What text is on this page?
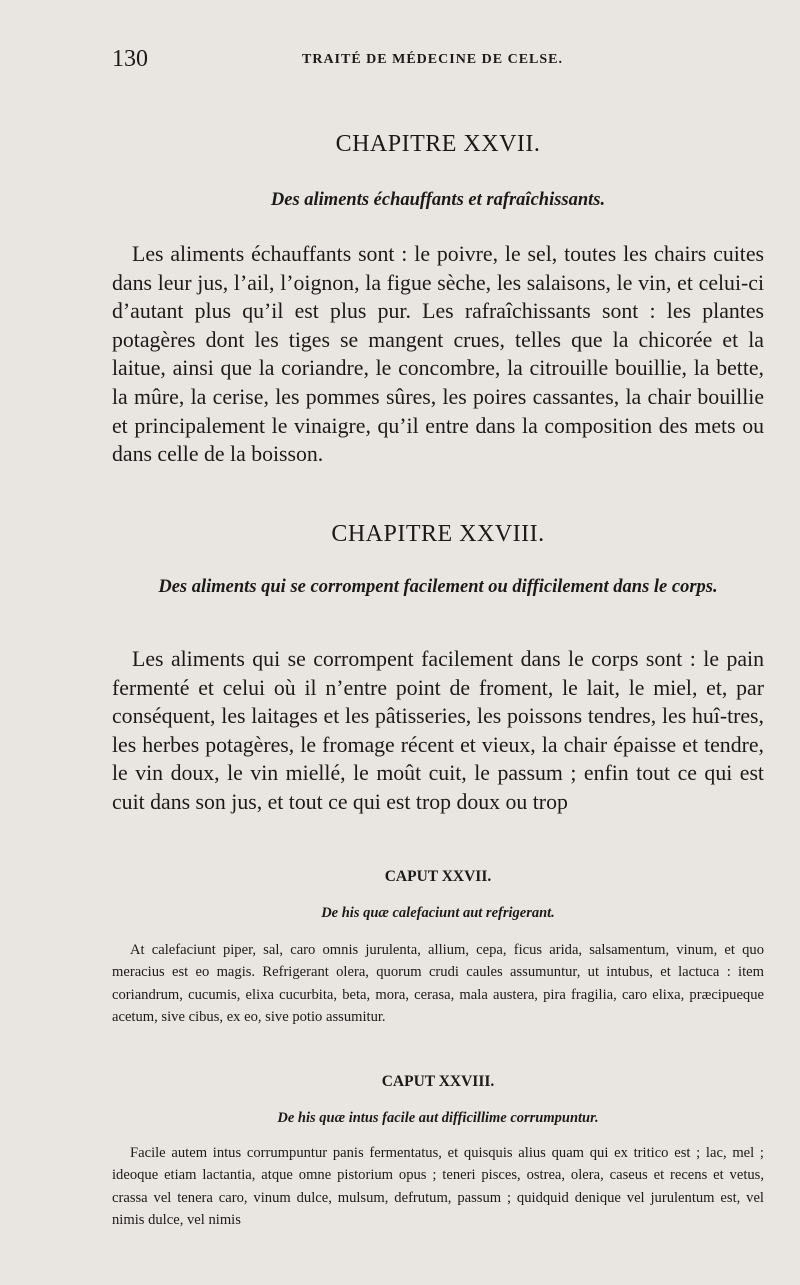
130	TRAITÉ DE MÉDECINE DE CELSE.
CHAPITRE XXVII.
Des aliments échauffants et rafraîchissants.
Les aliments échauffants sont : le poivre, le sel, toutes les chairs cuites dans leur jus, l’ail, l’oignon, la figue sèche, les salaisons, le vin, et celui-ci d’autant plus qu’il est plus pur. Les rafraîchissants sont : les plantes potagères dont les tiges se mangent crues, telles que la chicorée et la laitue, ainsi que la coriandre, le concombre, la citrouille bouillie, la bette, la mûre, la cerise, les pommes sûres, les poires cassantes, la chair bouillie et principalement le vinaigre, qu’il entre dans la composition des mets ou dans celle de la boisson.
CHAPITRE XXVIII.
Des aliments qui se corrompent facilement ou difficilement dans le corps.
Les aliments qui se corrompent facilement dans le corps sont : le pain fermenté et celui où il n’entre point de froment, le lait, le miel, et, par conséquent, les laitages et les pâtisseries, les poissons tendres, les huî-tres, les herbes potagères, le fromage récent et vieux, la chair épaisse et tendre, le vin doux, le vin miellé, le moût cuit, le passum ; enfin tout ce qui est cuit dans son jus, et tout ce qui est trop doux ou trop
CAPUT XXVII.
De his quæ calefaciunt aut refrigerant.
At calefaciunt piper, sal, caro omnis jurulenta, allium, cepa, ficus arida, salsamentum, vinum, et quo meracius est eo magis. Refrigerant olera, quorum crudi caules assumuntur, ut intubus, et lactuca : item coriandrum, cucumis, elixa cucurbita, beta, mora, cerasa, mala austera, pira fragilia, caro elixa, præcipueque acetum, sive cibus, ex eo, sive potio assumitur.
CAPUT XXVIII.
De his quæ intus facile aut difficillime corrumpuntur.
Facile autem intus corrumpuntur panis fermentatus, et quisquis alius quam qui ex tritico est ; lac, mel ; ideoque etiam lactantia, atque omne pistorium opus ; teneri pisces, ostrea, olera, caseus et recens et vetus, crassa vel tenera caro, vinum dulce, mulsum, defrutum, passum ; quidquid denique vel jurulentum est, vel nimis dulce, vel nimis
